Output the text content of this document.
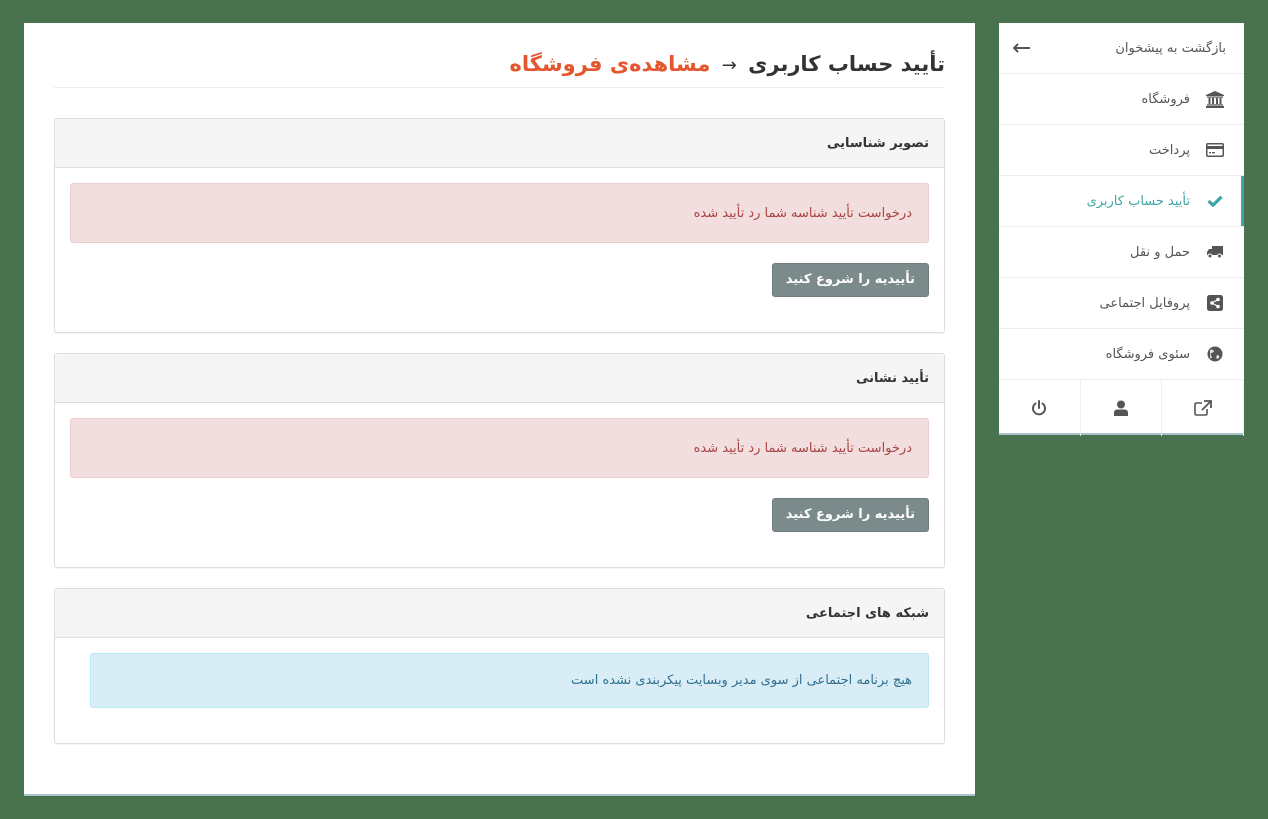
تأیید حساب کاربری → مشاهده‌ی فروشگاه
تصویر شناسایی
درخواست تأیید شناسه شما رد تأیید شده
تأییدیه را شروع کنید
تأیید نشانی
درخواست تأیید شناسه شما رد تأیید شده
تأییدیه را شروع کنید
شبکه های اجتماعی
هیچ برنامه اجتماعی از سوی مدیر وبسایت پیکربندی نشده است
بازگشت به پیشخوان
فروشگاه
پرداخت
تأیید حساب کاربری
حمل و نقل
پروفایل اجتماعی
سئوی فروشگاه
